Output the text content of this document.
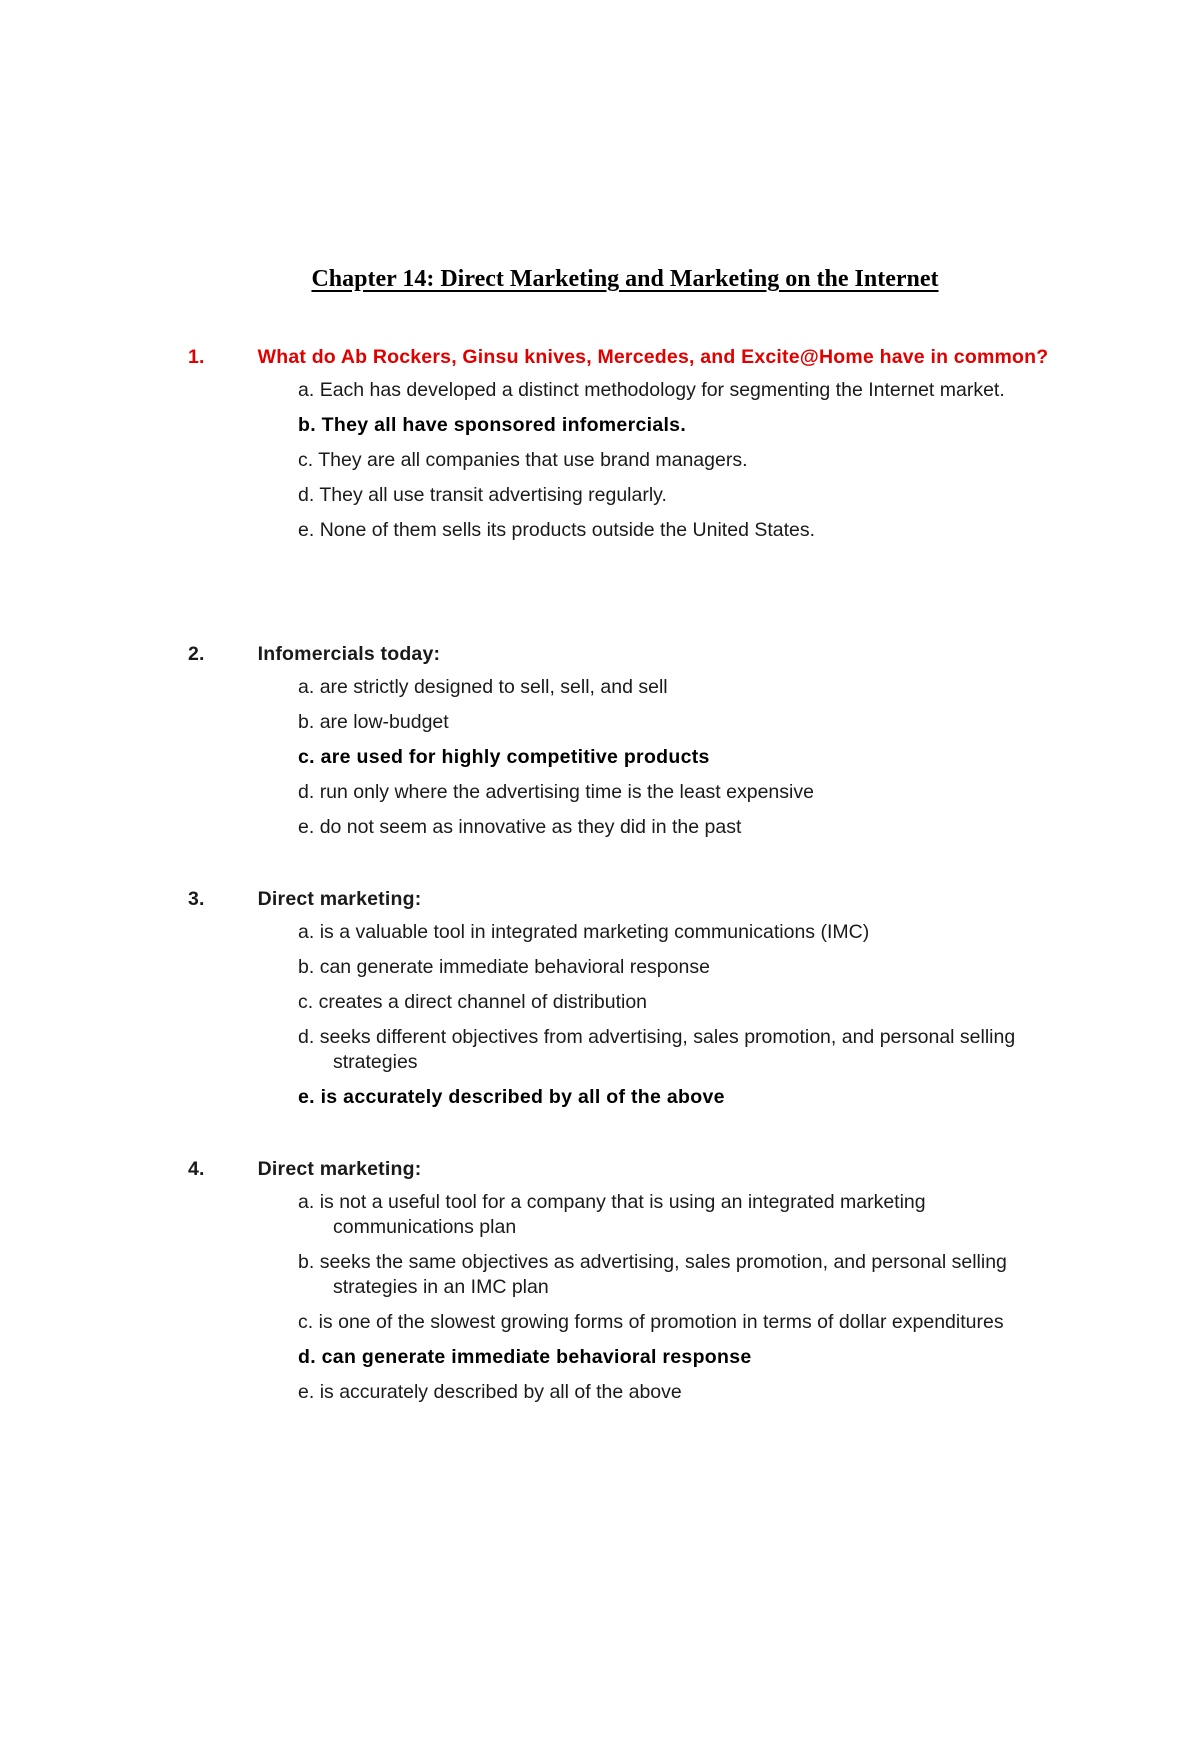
Chapter 14: Direct Marketing and Marketing on the Internet

1.	What do Ab Rockers, Ginsu knives, Mercedes, and Excite@Home have in common?

a. Each has developed a distinct methodology for segmenting the Internet market.
b. They all have sponsored infomercials.
c. They are all companies that use brand managers.
d. They all use transit advertising regularly.
e. None of them sells its products outside the United States.

2.	Infomercials today:

a. are strictly designed to sell, sell, and sell
b. are low-budget
c. are used for highly competitive products
d. run only where the advertising time is the least expensive
e. do not seem as innovative as they did in the past

3.	Direct marketing:

a. is a valuable tool in integrated marketing communications (IMC)
b. can generate immediate behavioral response
c. creates a direct channel of distribution
d. seeks different objectives from advertising, sales promotion, and personal selling strategies
e. is accurately described by all of the above

4.	Direct marketing:

a. is not a useful tool for a company that is using an integrated marketing communications plan
b. seeks the same objectives as advertising, sales promotion, and personal selling strategies in an IMC plan
c. is one of the slowest growing forms of promotion in terms of dollar expenditures
d. can generate immediate behavioral response
e. is accurately described by all of the above
